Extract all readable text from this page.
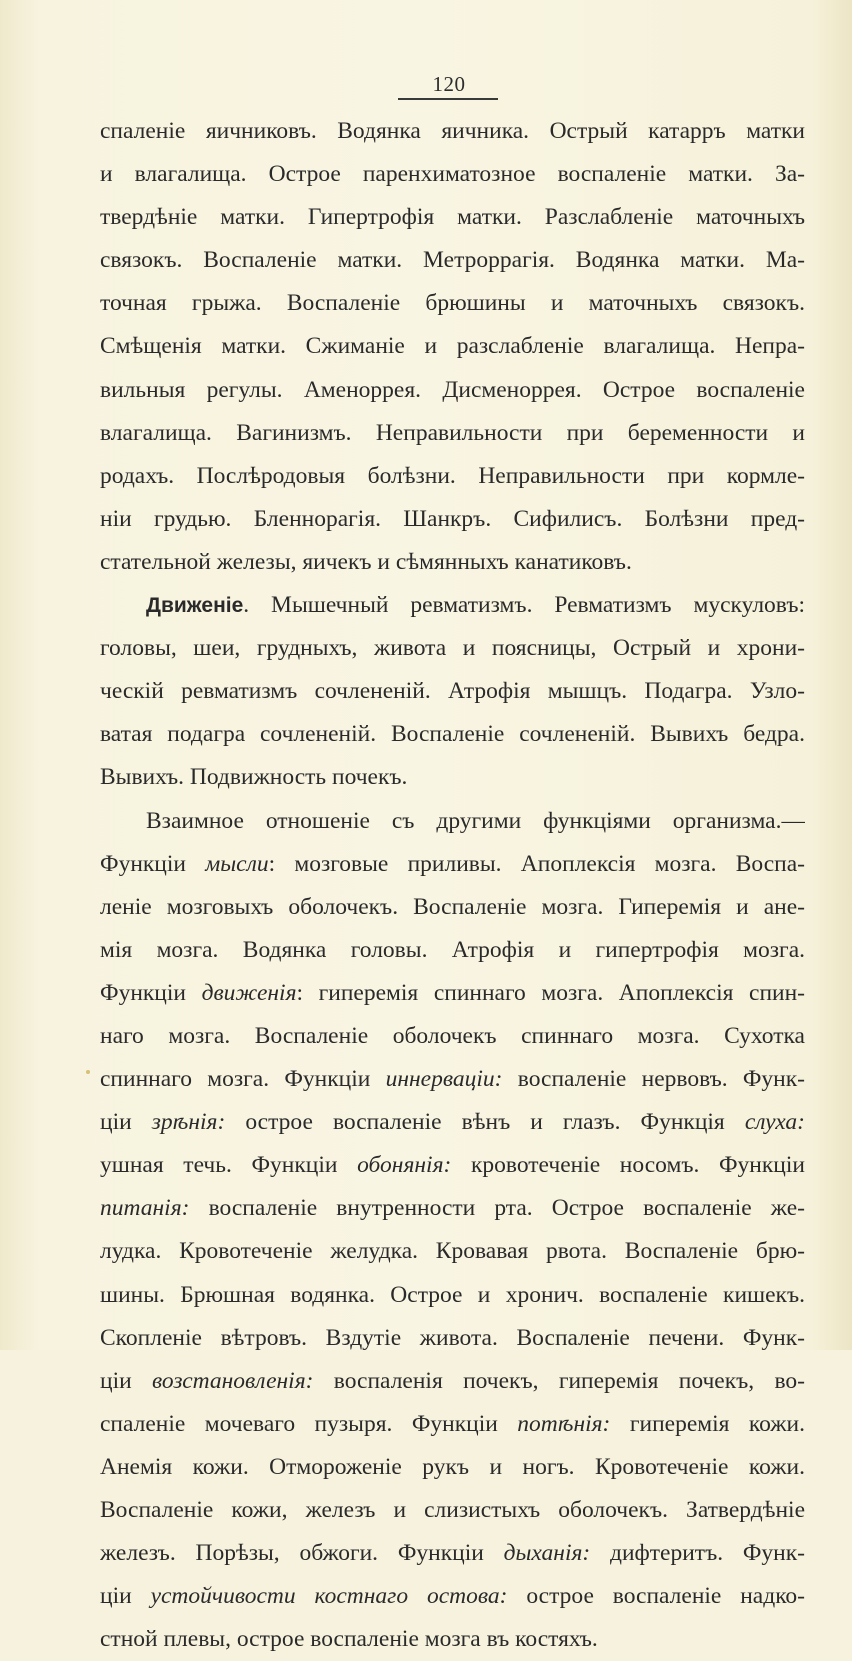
120
спаленіе яичниковъ. Водянка яичника. Острый катарръ матки
и влагалища. Острое паренхиматозное воспаленіе матки. За-
твердѣніе матки. Гипертрофія матки. Разслабленіе маточныхъ
связокъ. Воспаленіе матки. Метроррагія. Водянка матки. Ма-
точная грыжа. Воспаленіе брюшины и маточныхъ связокъ.
Смѣщенія матки. Сжиманіе и разслабленіе влагалища. Непра-
вильныя регулы. Аменоррея. Дисменоррея. Острое воспаленіе
влагалища. Вагинизмъ. Неправильности при беременности и
родахъ. Послѣродовыя болѣзни. Неправильности при кормле-
ніи грудью. Бленнорагія. Шанкръ. Сифилисъ. Болѣзни пред-
стательной железы, яичекъ и сѣмянныхъ канатиковъ.
Движеніе. Мышечный ревматизмъ. Ревматизмъ мускуловъ:
головы, шеи, грудныхъ, живота и поясницы, Острый и хрони-
ческій ревматизмъ сочлененій. Атрофія мышцъ. Подагра. Узло-
ватая подагра сочлененій. Воспаленіе сочлененій. Вывихъ бедра.
Вывихъ. Подвижность почекъ.
Взаимное отношеніе съ другими функціями организма.—
Функціи мысли: мозговые приливы. Апоплексія мозга. Воспа-
леніе мозговыхъ оболочекъ. Воспаленіе мозга. Гиперемія и ане-
мія мозга. Водянка головы. Атрофія и гипертрофія мозга.
Функціи движенія: гиперемія спиннаго мозга. Апоплексія спин-
наго мозга. Воспаленіе оболочекъ спиннаго мозга. Сухотка
спиннаго мозга. Функціи иннерваціи: воспаленіе нервовъ. Функ-
ціи зрѣнія: острое воспаленіе вѣнъ и глазъ. Функція слуха:
ушная течь. Функціи обонянія: кровотеченіе носомъ. Функціи
питанія: воспаленіе внутренности рта. Острое воспаленіе же-
лудка. Кровотеченіе желудка. Кровавая рвота. Воспаленіе брю-
шины. Брюшная водянка. Острое и хронич. воспаленіе кишекъ.
Скопленіе вѣтровъ. Вздутіе живота. Воспаленіе печени. Функ-
ціи возстановленія: воспаленія почекъ, гиперемія почекъ, во-
спаленіе мочеваго пузыря. Функціи потѣнія: гиперемія кожи.
Анемія кожи. Отмороженіе рукъ и ногъ. Кровотеченіе кожи.
Воспаленіе кожи, железъ и слизистыхъ оболочекъ. Затвердѣніе
железъ. Порѣзы, обжоги. Функціи дыханія: дифтеритъ. Функ-
ціи устойчивости костнаго остова: острое воспаленіе надко-
стной плевы, острое воспаленіе мозга въ костяхъ.
